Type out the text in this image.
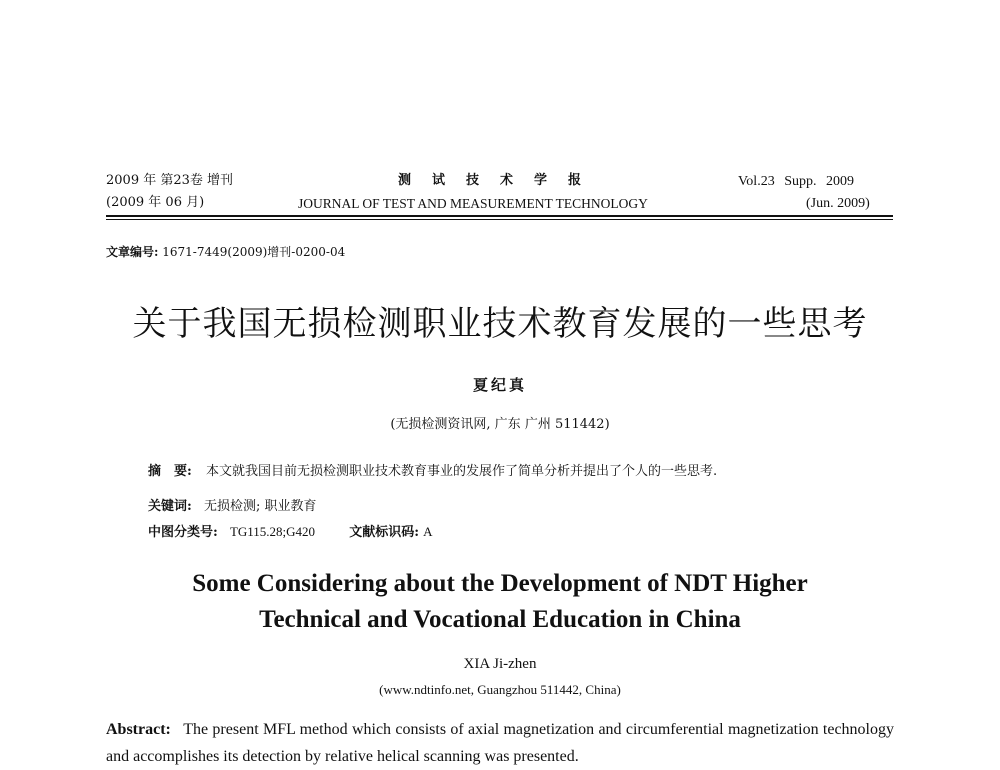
2009 年 第23卷 增刊
(2009 年 06 月)
测试技术学报
JOURNAL OF TEST AND MEASUREMENT TECHNOLOGY
Vol.23 Supp. 2009
(Jun. 2009)
文章编号: 1671-7449(2009)增刊-0200-04
关于我国无损检测职业技术教育发展的一些思考
夏纪真
(无损检测资讯网, 广东 广州 511442)
摘　要: 本文就我国目前无损检测职业技术教育事业的发展作了简单分析并提出了个人的一些思考.
关键词: 无损检测; 职业教育
中图分类号: TG115.28;G420	文献标识码: A
Some Considering about the Development of NDT Higher
Technical and Vocational Education in China
XIA Ji-zhen
(www.ndtinfo.net, Guangzhou 511442, China)
Abstract: The present MFL method which consists of axial magnetization and circumferential magnetization technology and accomplishes its detection by relative helical scanning was presented.
